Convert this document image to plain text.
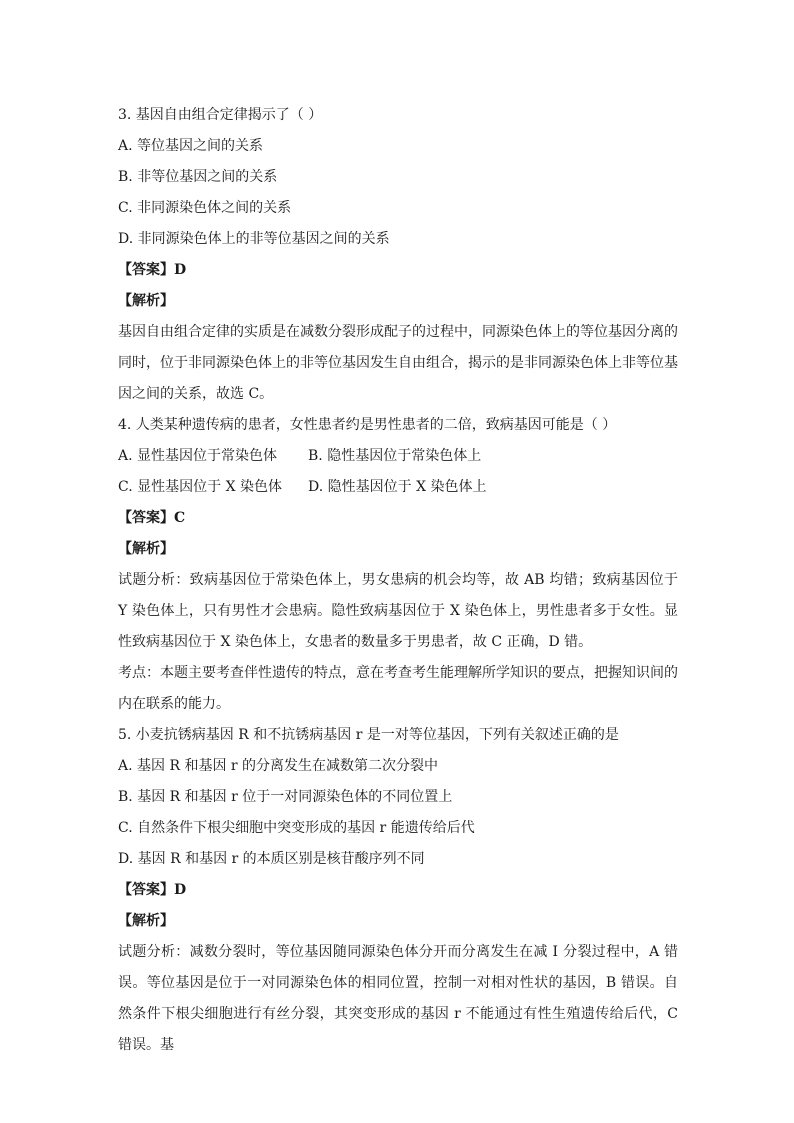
3. 基因自由组合定律揭示了（ ）
A. 等位基因之间的关系
B. 非等位基因之间的关系
C. 非同源染色体之间的关系
D. 非同源染色体上的非等位基因之间的关系
【答案】D
【解析】
基因自由组合定律的实质是在减数分裂形成配子的过程中，同源染色体上的等位基因分离的同时，位于非同源染色体上的非等位基因发生自由组合，揭示的是非同源染色体上非等位基因之间的关系，故选 C。
4. 人类某种遗传病的患者，女性患者约是男性患者的二倍，致病基因可能是（ ）
A. 显性基因位于常染色体 B. 隐性基因位于常染色体上
C. 显性基因位于 X 染色体 D. 隐性基因位于 X 染色体上
【答案】C
【解析】
试题分析：致病基因位于常染色体上，男女患病的机会均等，故 AB 均错；致病基因位于 Y 染色体上，只有男性才会患病。隐性致病基因位于 X 染色体上，男性患者多于女性。显性致病基因位于 X 染色体上，女患者的数量多于男患者，故 C 正确，D 错。
考点：本题主要考查伴性遗传的特点，意在考查考生能理解所学知识的要点，把握知识间的内在联系的能力。
5. 小麦抗锈病基因 R 和不抗锈病基因 r 是一对等位基因，下列有关叙述正确的是
A. 基因 R 和基因 r 的分离发生在减数第二次分裂中
B. 基因 R 和基因 r 位于一对同源染色体的不同位置上
C. 自然条件下根尖细胞中突变形成的基因 r 能遗传给后代
D. 基因 R 和基因 r 的本质区别是核苷酸序列不同
【答案】D
【解析】
试题分析：减数分裂时，等位基因随同源染色体分开而分离发生在减 Ⅰ 分裂过程中，A 错误。等位基因是位于一对同源染色体的相同位置，控制一对相对性状的基因，B 错误。自然条件下根尖细胞进行有丝分裂，其突变形成的基因 r 不能通过有性生殖遗传给后代，C 错误。基
